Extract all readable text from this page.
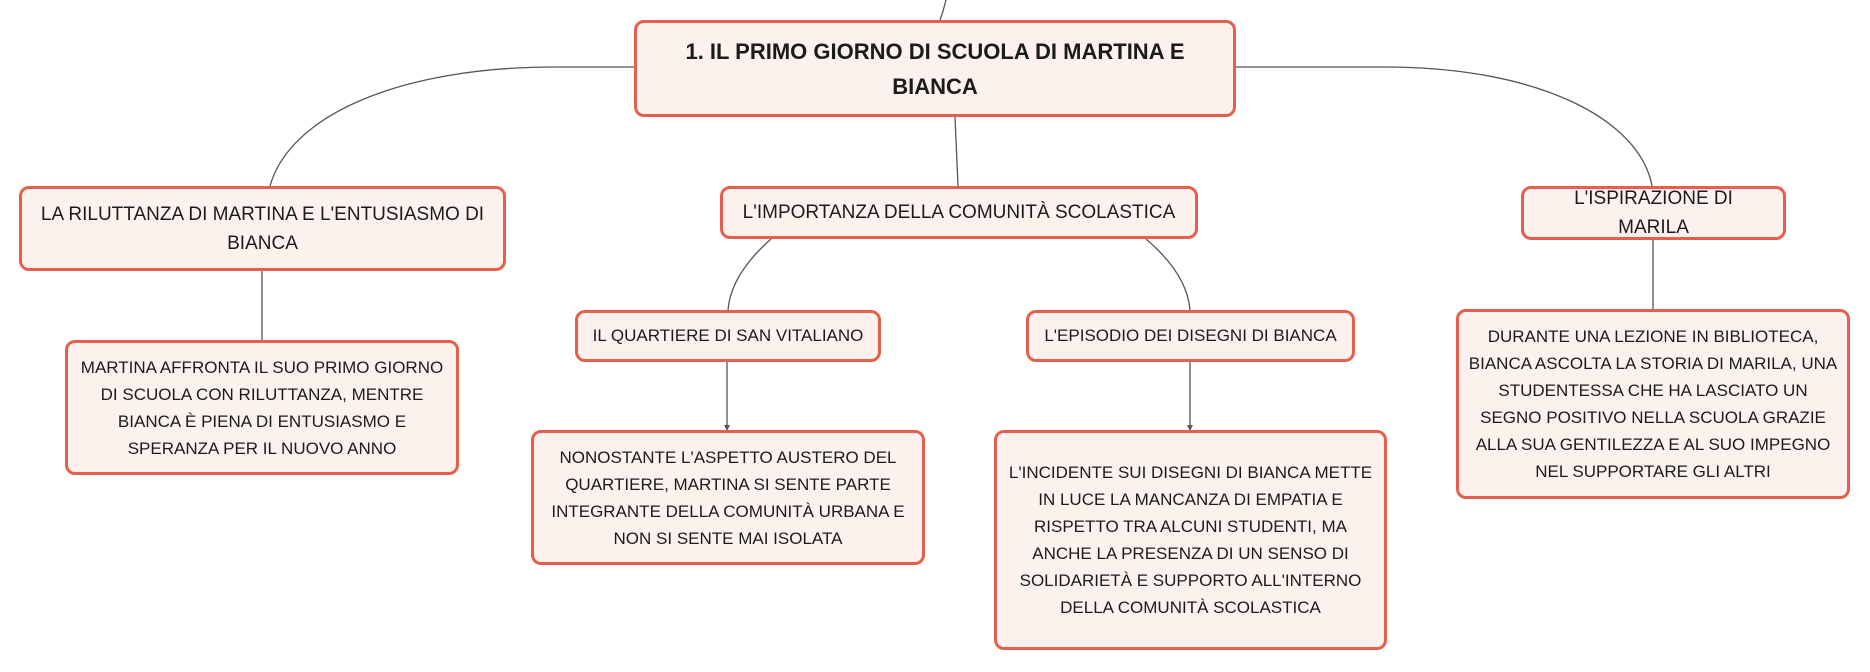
1. IL PRIMO GIORNO DI SCUOLA DI MARTINA E BIANCA
LA RILUTTANZA DI MARTINA E L'ENTUSIASMO DI BIANCA
L'IMPORTANZA DELLA COMUNITÀ SCOLASTICA
L'ISPIRAZIONE DI MARILA
MARTINA AFFRONTA IL SUO PRIMO GIORNO DI SCUOLA CON RILUTTANZA, MENTRE BIANCA È PIENA DI ENTUSIASMO E SPERANZA PER IL NUOVO ANNO
IL QUARTIERE DI SAN VITALIANO	L'EPISODIO DEI DISEGNI DI BIANCA
NONOSTANTE L'ASPETTO AUSTERO DEL QUARTIERE, MARTINA SI SENTE PARTE INTEGRANTE DELLA COMUNITÀ URBANA E NON SI SENTE MAI ISOLATA
L'INCIDENTE SUI DISEGNI DI BIANCA METTE IN LUCE LA MANCANZA DI EMPATIA E RISPETTO TRA ALCUNI STUDENTI, MA ANCHE LA PRESENZA DI UN SENSO DI SOLIDARIETÀ E SUPPORTO ALL'INTERNO DELLA COMUNITÀ SCOLASTICA
DURANTE UNA LEZIONE IN BIBLIOTECA, BIANCA ASCOLTA LA STORIA DI MARILA, UNA STUDENTESSA CHE HA LASCIATO UN SEGNO POSITIVO NELLA SCUOLA GRAZIE ALLA SUA GENTILEZZA E AL SUO IMPEGNO NEL SUPPORTARE GLI ALTRI
